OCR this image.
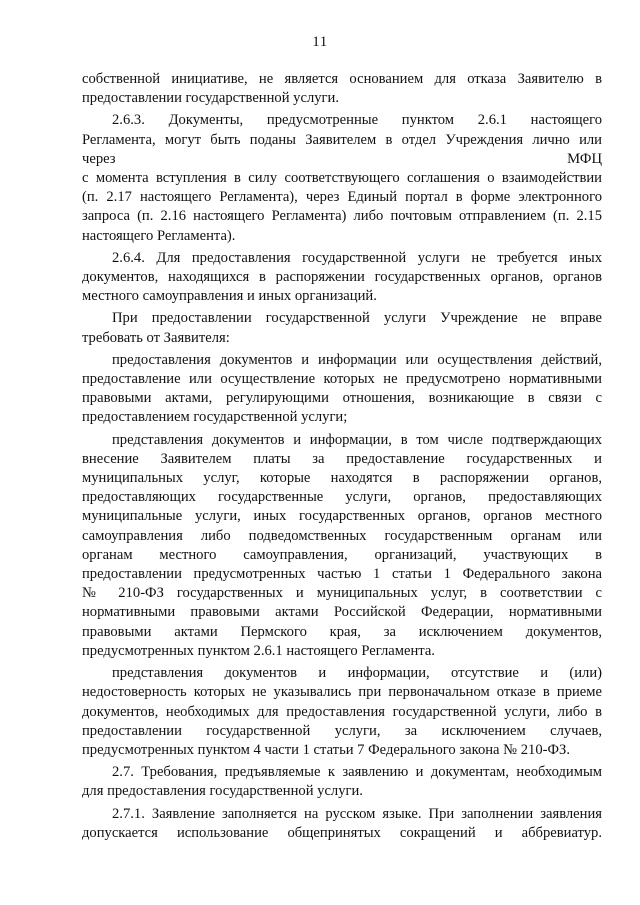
11

собственной инициативе, не является основанием для отказа Заявителю в
предоставлении государственной услуги.

2.6.3. Документы, предусмотренные пунктом 2.6.1 настоящего
Регламента, могут быть поданы Заявителем в отдел Учреждения лично или
через	МФЦ
с момента вступления в силу соответствующего соглашения о взаимодействии
(п. 2.17 настоящего Регламента), через Единый портал в форме электронного
запроса (п. 2.16 настоящего Регламента) либо почтовым отправлением (п. 2.15
настоящего Регламента).

2.6.4. Для предоставления государственной услуги не требуется иных
документов, находящихся в распоряжении государственных органов, органов
местного самоуправления и иных организаций.

При предоставлении государственной услуги Учреждение не вправе
требовать от Заявителя:

предоставления документов и информации или осуществления действий,
предоставление или осуществление которых не предусмотрено нормативными
правовыми актами, регулирующими отношения, возникающие в связи с
предоставлением государственной услуги;

представления документов и информации, в том числе подтверждающих
внесение Заявителем платы за предоставление государственных и
муниципальных услуг, которые находятся в распоряжении органов,
предоставляющих государственные услуги, органов, предоставляющих
муниципальные услуги, иных государственных органов, органов местного
самоуправления либо подведомственных государственным органам или
органам местного самоуправления, организаций, участвующих в
предоставлении предусмотренных частью 1 статьи 1 Федерального закона
№ 210-ФЗ государственных и муниципальных услуг, в соответствии с
нормативными правовыми актами Российской Федерации, нормативными
правовыми актами Пермского края, за исключением документов,
предусмотренных пунктом 2.6.1 настоящего Регламента.

представления документов и информации, отсутствие и (или)
недостоверность которых не указывались при первоначальном отказе в приеме
документов, необходимых для предоставления государственной услуги, либо в
предоставлении государственной услуги, за исключением случаев,
предусмотренных пунктом 4 части 1 статьи 7 Федерального закона № 210-ФЗ.

2.7. Требования, предъявляемые к заявлению и документам, необходимым
для предоставления государственной услуги.

2.7.1. Заявление заполняется на русском языке. При заполнении заявления
допускается использование общепринятых сокращений и аббревиатур.
